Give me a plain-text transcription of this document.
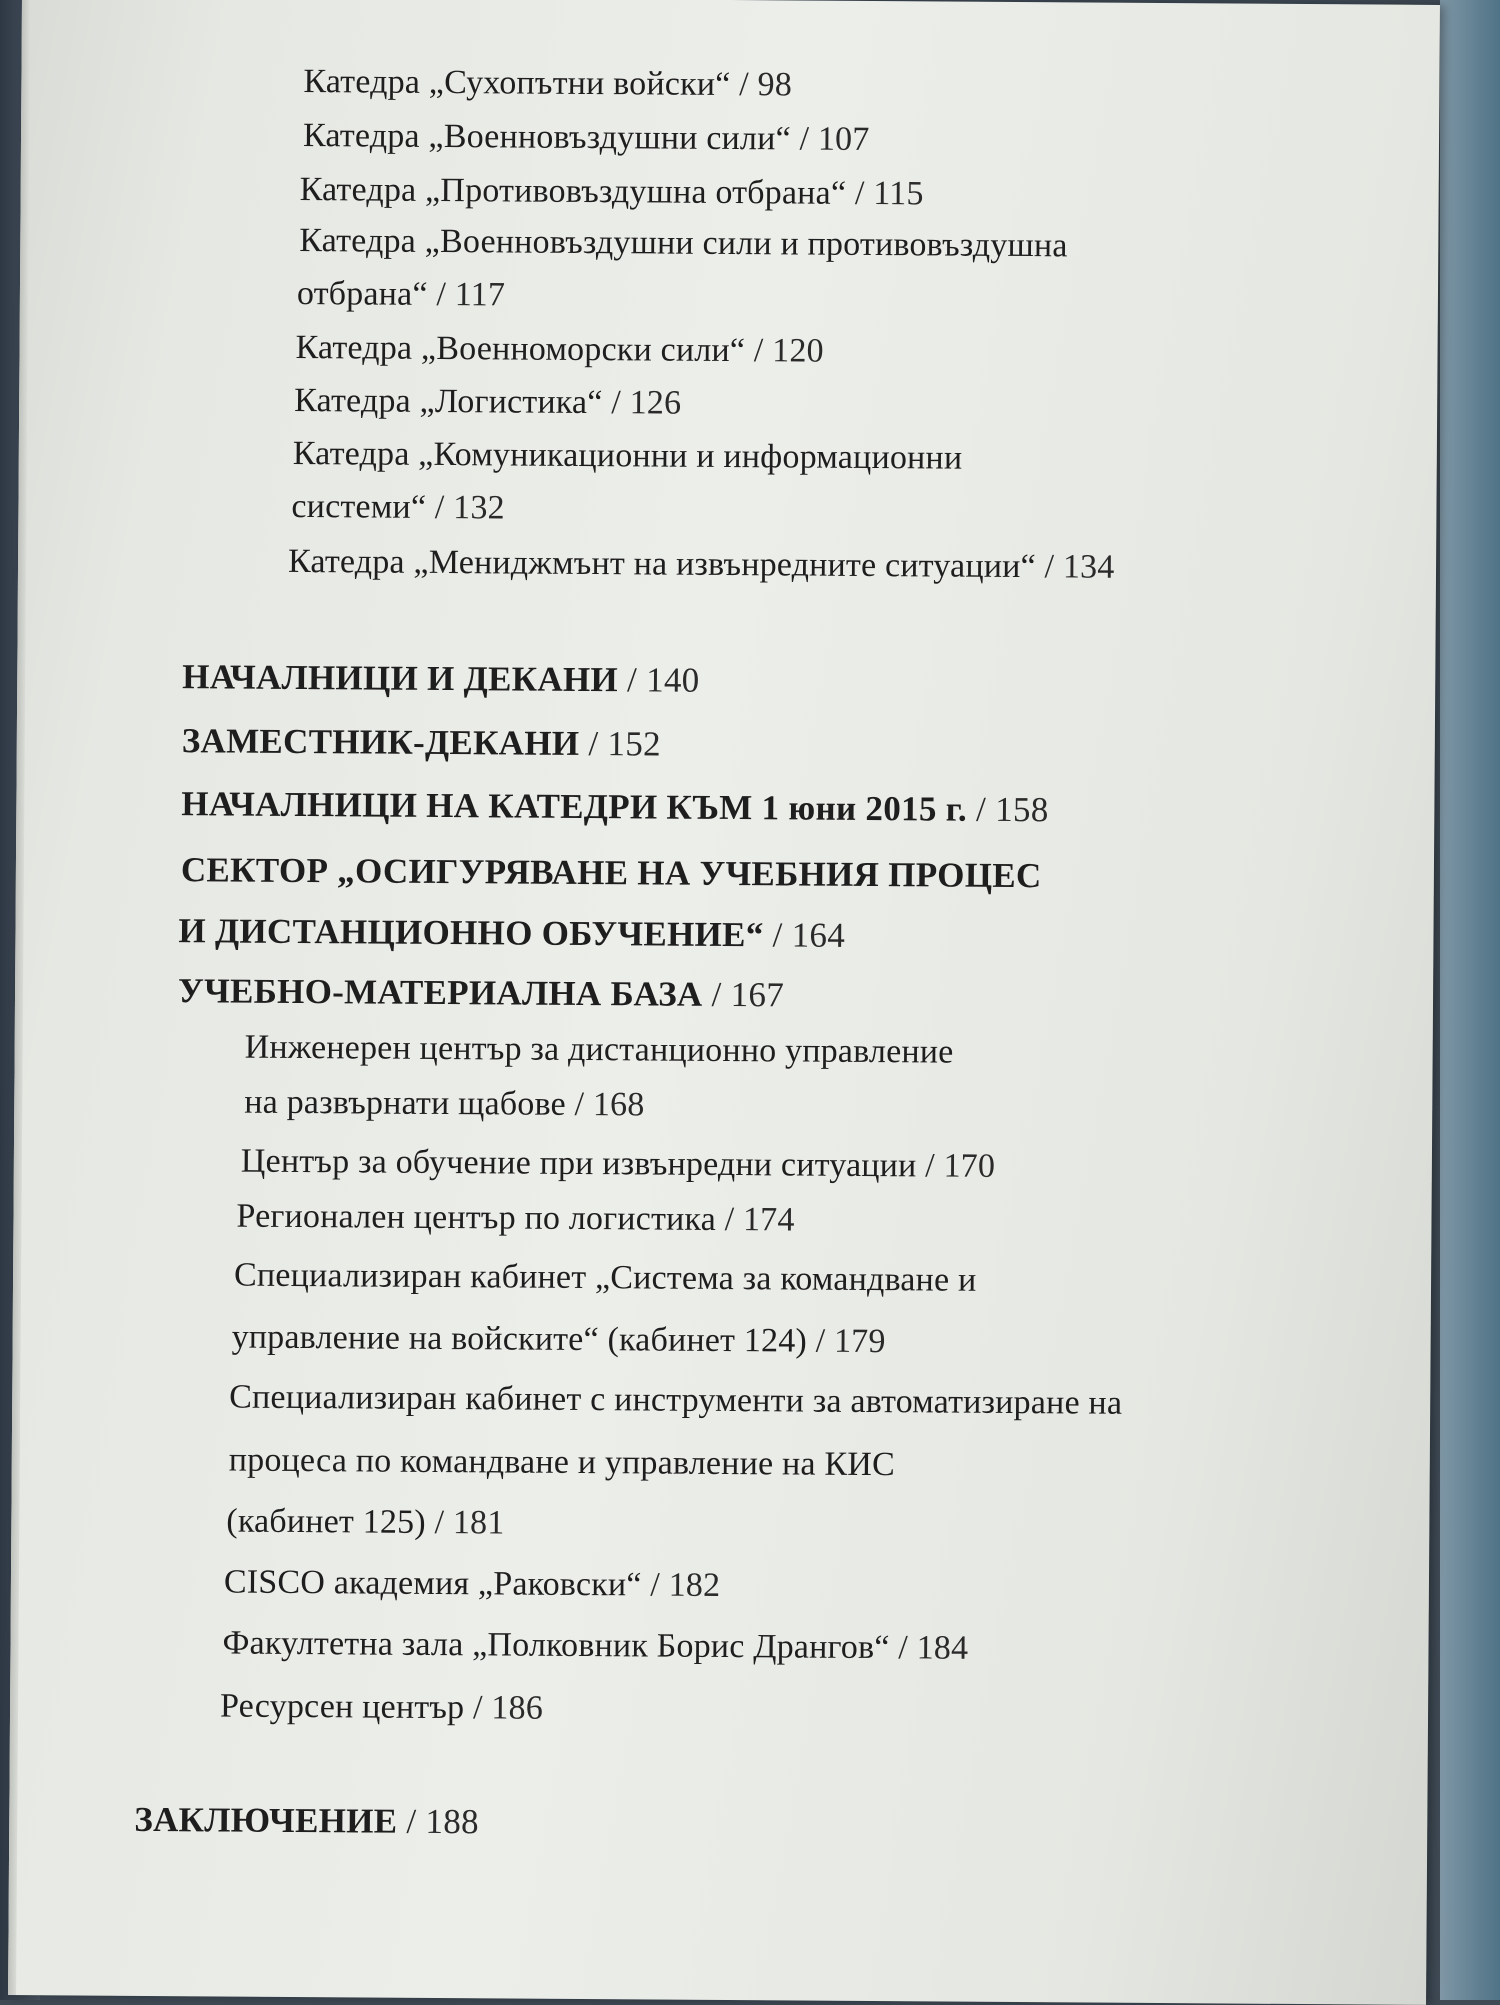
Катедра „Сухопътни войски“ / 98
Катедра „Военновъздушни сили“ / 107
Катедра „Противовъздушна отбрана“ / 115
Катедра „Военновъздушни сили и противовъздушна
отбрана“ / 117
Катедра „Военноморски сили“ / 120
Катедра „Логистика“ / 126
Катедра „Комуникационни и информационни
системи“ / 132
Катедра „Мениджмънт на извънредните ситуации“ / 134
НАЧАЛНИЦИ И ДЕКАНИ / 140
ЗАМЕСТНИК-ДЕКАНИ / 152
НАЧАЛНИЦИ НА КАТЕДРИ КЪМ 1 юни 2015 г. / 158
СЕКТОР „ОСИГУРЯВАНЕ НА УЧЕБНИЯ ПРОЦЕС
И ДИСТАНЦИОННО ОБУЧЕНИЕ“ / 164
УЧЕБНО-МАТЕРИАЛНА БАЗА / 167
Инженерен център за дистанционно управление
на развърнати щабове / 168
Център за обучение при извънредни ситуации / 170
Регионален център по логистика / 174
Специализиран кабинет „Система за командване и
управление на войските“ (кабинет 124) / 179
Специализиран кабинет с инструменти за автоматизиране на
процеса по командване и управление на КИС
(кабинет 125) / 181
CISCO академия „Раковски“ / 182
Факултетна зала „Полковник Борис Дрангов“ / 184
Ресурсен център / 186
ЗАКЛЮЧЕНИЕ / 188
